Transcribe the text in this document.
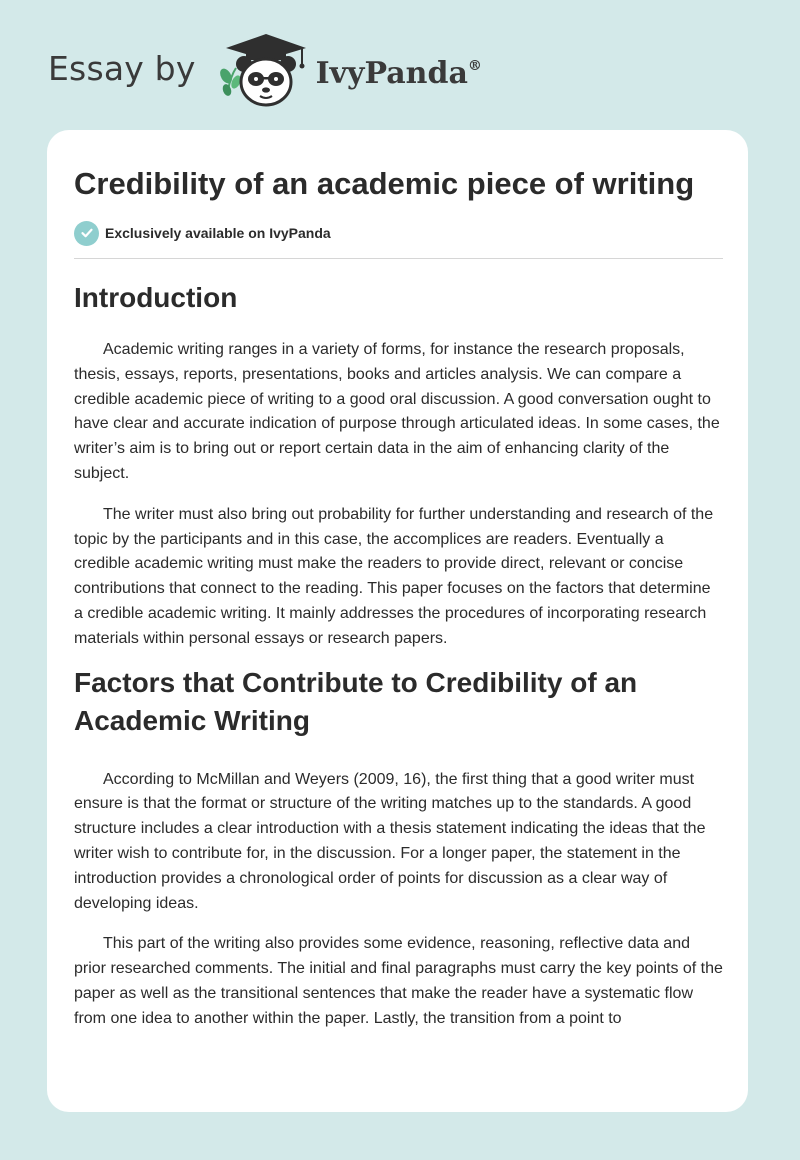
Essay by	IvyPanda®
Credibility of an academic piece of writing
Exclusively available on IvyPanda
Introduction

Academic writing ranges in a variety of forms, for instance the research proposals, thesis, essays, reports, presentations, books and articles analysis. We can compare a credible academic piece of writing to a good oral discussion. A good conversation ought to have clear and accurate indication of purpose through articulated ideas. In some cases, the writer’s aim is to bring out or report certain data in the aim of enhancing clarity of the subject.

The writer must also bring out probability for further understanding and research of the topic by the participants and in this case, the accomplices are readers. Eventually a credible academic writing must make the readers to provide direct, relevant or concise contributions that connect to the reading. This paper focuses on the factors that determine a credible academic writing. It mainly addresses the procedures of incorporating research materials within personal essays or research papers.

Factors that Contribute to Credibility of an Academic Writing

According to McMillan and Weyers (2009, 16), the first thing that a good writer must ensure is that the format or structure of the writing matches up to the standards. A good structure includes a clear introduction with a thesis statement indicating the ideas that the writer wish to contribute for, in the discussion. For a longer paper, the statement in the introduction provides a chronological order of points for discussion as a clear way of developing ideas.

This part of the writing also provides some evidence, reasoning, reflective data and prior researched comments. The initial and final paragraphs must carry the key points of the paper as well as the transitional sentences that make the reader have a systematic flow from one idea to another within the paper. Lastly, the transition from a point to
